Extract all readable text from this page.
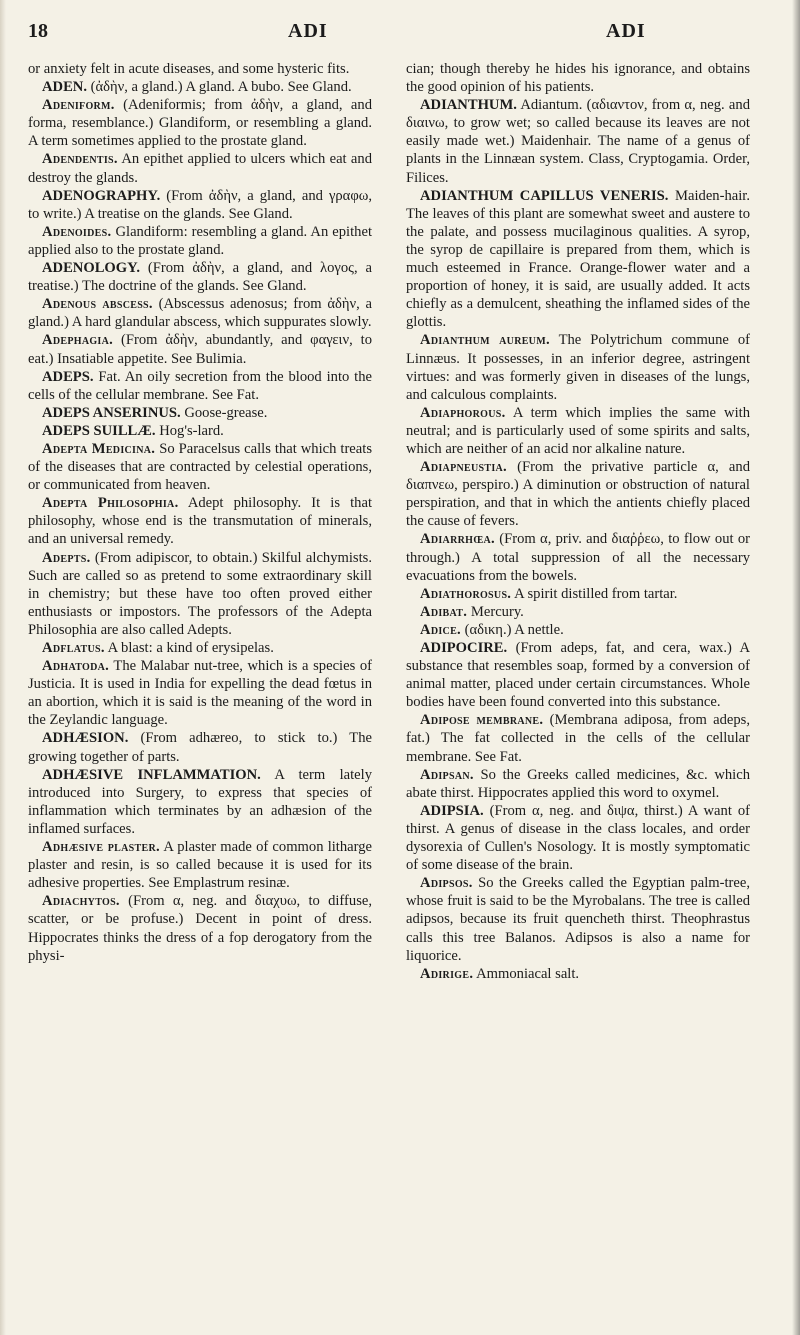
18	ADI	ADI

or anxiety felt in acute diseases, and some hysteric fits.

ADEN. (ἀδὴν, a gland.) A gland. A bubo. See Gland.

Adeniform. (Adeniformis; from ἀδὴν, a gland, and forma, resemblance.) Glandiform, or resembling a gland. A term sometimes applied to the prostate gland.

Adendentis. An epithet applied to ulcers which eat and destroy the glands.

ADENOGRAPHY. (From ἀδὴν, a gland, and γραφω, to write.) A treatise on the glands. See Gland.

Adenoides. Glandiform: resembling a gland. An epithet applied also to the prostate gland.

ADENOLOGY. (From ἀδὴν, a gland, and λογος, a treatise.) The doctrine of the glands. See Gland.

Adenous abscess. (Abscessus adenosus; from ἀδὴν, a gland.) A hard glandular abscess, which suppurates slowly.

Adephagia. (From ἀδὴν, abundantly, and φαγειν, to eat.) Insatiable appetite. See Bulimia.

ADEPS. Fat. An oily secretion from the blood into the cells of the cellular membrane. See Fat.

ADEPS ANSERINUS. Goose-grease.

ADEPS SUILLÆ. Hog's-lard.

Adepta Medicina. So Paracelsus calls that which treats of the diseases that are contracted by celestial operations, or communicated from heaven.

Adepta Philosophia. Adept philosophy. It is that philosophy, whose end is the transmutation of minerals, and an universal remedy.

Adepts. (From adipiscor, to obtain.) Skilful alchymists. Such are called so as pretend to some extraordinary skill in chemistry; but these have too often proved either enthusiasts or impostors. The professors of the Adepta Philosophia are also called Adepts.

Adflatus. A blast: a kind of erysipelas.

Adhatoda. The Malabar nut-tree, which is a species of Justicia. It is used in India for expelling the dead fœtus in an abortion, which it is said is the meaning of the word in the Zeylandic language.

ADHÆSION. (From adhæreo, to stick to.) The growing together of parts.

ADHÆSIVE INFLAMMATION. A term lately introduced into Surgery, to express that species of inflammation which terminates by an adhæsion of the inflamed surfaces.

Adhæsive plaster. A plaster made of common litharge plaster and resin, is so called because it is used for its adhesive properties. See Emplastrum resinæ.

Adiachytos. (From α, neg. and διαχυω, to diffuse, scatter, or be profuse.) Decent in point of dress. Hippocrates thinks the dress of a fop derogatory from the physi-

cian; though thereby he hides his ignorance, and obtains the good opinion of his patients.

ADIANTHUM. Adiantum. (αδιαντον, from α, neg. and διαινω, to grow wet; so called because its leaves are not easily made wet.) Maidenhair. The name of a genus of plants in the Linnæan system. Class, Cryptogamia. Order, Filices.

ADIANTHUM CAPILLUS VENERIS. Maiden-hair. The leaves of this plant are somewhat sweet and austere to the palate, and possess mucilaginous qualities. A syrop, the syrop de capillaire is prepared from them, which is much esteemed in France. Orange-flower water and a proportion of honey, it is said, are usually added. It acts chiefly as a demulcent, sheathing the inflamed sides of the glottis.

Adianthum aureum. The Polytrichum commune of Linnæus. It possesses, in an inferior degree, astringent virtues: and was formerly given in diseases of the lungs, and calculous complaints.

Adiaphorous. A term which implies the same with neutral; and is particularly used of some spirits and salts, which are neither of an acid nor alkaline nature.

Adiapneustia. (From the privative particle α, and διαπνεω, perspiro.) A diminution or obstruction of natural perspiration, and that in which the antients chiefly placed the cause of fevers.

Adiarrhœa. (From α, priv. and διαῤῥεω, to flow out or through.) A total suppression of all the necessary evacuations from the bowels.

Adiathorosus. A spirit distilled from tartar.

Adibat. Mercury.

Adice. (αδικη.) A nettle.

ADIPOCIRE. (From adeps, fat, and cera, wax.) A substance that resembles soap, formed by a conversion of animal matter, placed under certain circumstances. Whole bodies have been found converted into this substance.

Adipose membrane. (Membrana adiposa, from adeps, fat.) The fat collected in the cells of the cellular membrane. See Fat.

Adipsan. So the Greeks called medicines, &c. which abate thirst. Hippocrates applied this word to oxymel.

ADIPSIA. (From α, neg. and διψα, thirst.) A want of thirst. A genus of disease in the class locales, and order dysorexia of Cullen's Nosology. It is mostly symptomatic of some disease of the brain.

Adipsos. So the Greeks called the Egyptian palm-tree, whose fruit is said to be the Myrobalans. The tree is called adipsos, because its fruit quencheth thirst. Theophrastus calls this tree Balanos. Adipsos is also a name for liquorice.

Adirige. Ammoniacal salt.
